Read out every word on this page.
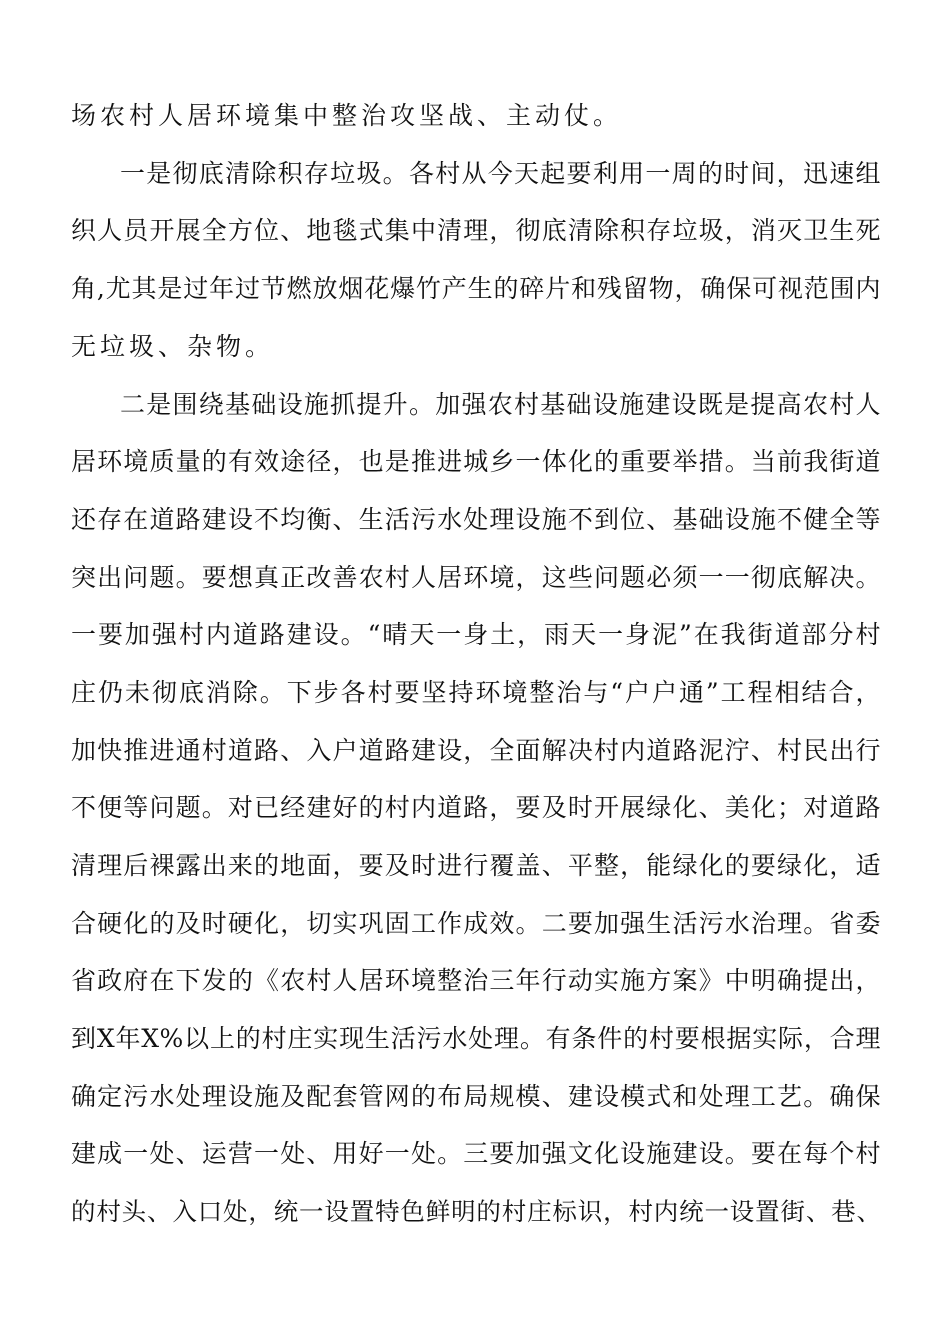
场农村人居环境集中整治攻坚战、主动仗。
一是彻底清除积存垃圾。各村从今天起要利用一周的时间，迅速组
织人员开展全方位、地毯式集中清理，彻底清除积存垃圾，消灭卫生死
角,尤其是过年过节燃放烟花爆竹产生的碎片和残留物，确保可视范围内
无垃圾、杂物。
二是围绕基础设施抓提升。加强农村基础设施建设既是提高农村人
居环境质量的有效途径，也是推进城乡一体化的重要举措。当前我街道
还存在道路建设不均衡、生活污水处理设施不到位、基础设施不健全等
突出问题。要想真正改善农村人居环境，这些问题必须一一彻底解决。
一要加强村内道路建设。“晴天一身土，雨天一身泥”在我街道部分村
庄仍未彻底消除。下步各村要坚持环境整治与“户户通”工程相结合，
加快推进通村道路、入户道路建设，全面解决村内道路泥泞、村民出行
不便等问题。对已经建好的村内道路，要及时开展绿化、美化；对道路
清理后裸露出来的地面，要及时进行覆盖、平整，能绿化的要绿化，适
合硬化的及时硬化，切实巩固工作成效。二要加强生活污水治理。省委
省政府在下发的《农村人居环境整治三年行动实施方案》中明确提出，
到X年X%以上的村庄实现生活污水处理。有条件的村要根据实际，合理
确定污水处理设施及配套管网的布局规模、建设模式和处理工艺。确保
建成一处、运营一处、用好一处。三要加强文化设施建设。要在每个村
的村头、入口处，统一设置特色鲜明的村庄标识，村内统一设置街、巷、
